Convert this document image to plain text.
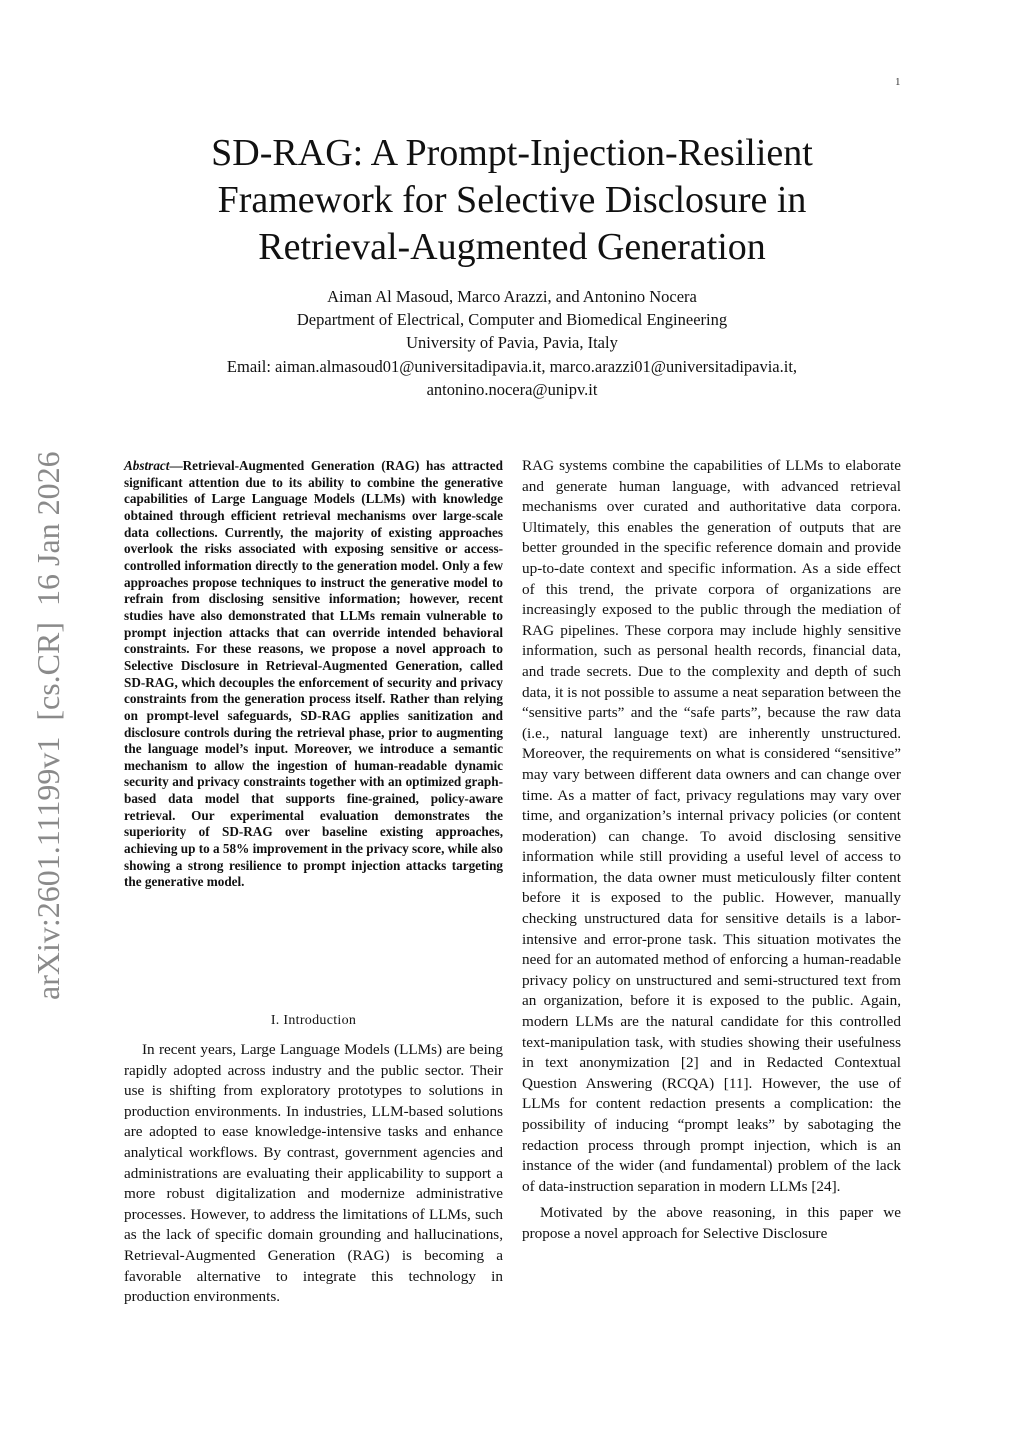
1
arXiv:2601.11199v1  [cs.CR]  16 Jan 2026
SD-RAG: A Prompt-Injection-Resilient
Framework for Selective Disclosure in
Retrieval-Augmented Generation
Aiman Al Masoud, Marco Arazzi, and Antonino Nocera
Department of Electrical, Computer and Biomedical Engineering
University of Pavia, Pavia, Italy
Email: aiman.almasoud01@universitadipavia.it, marco.arazzi01@universitadipavia.it,
antonino.nocera@unipv.it

Abstract—Retrieval-Augmented Generation (RAG) has attracted significant attention due to its ability to combine the generative capabilities of Large Language Models (LLMs) with knowledge obtained through efficient retrieval mechanisms over large-scale data collections. Currently, the majority of existing approaches overlook the risks associated with exposing sensitive or access-controlled information directly to the generation model. Only a few approaches propose techniques to instruct the generative model to refrain from disclosing sensitive information; however, recent studies have also demonstrated that LLMs remain vulnerable to prompt injection attacks that can override intended behavioral constraints. For these reasons, we propose a novel approach to Selective Disclosure in Retrieval-Augmented Generation, called SD-RAG, which decouples the enforcement of security and privacy constraints from the generation process itself. Rather than relying on prompt-level safeguards, SD-RAG applies sanitization and disclosure controls during the retrieval phase, prior to augmenting the language model’s input. Moreover, we introduce a semantic mechanism to allow the ingestion of human-readable dynamic security and privacy constraints together with an optimized graph-based data model that supports fine-grained, policy-aware retrieval. Our experimental evaluation demonstrates the superiority of SD-RAG over baseline existing approaches, achieving up to a 58% improvement in the privacy score, while also showing a strong resilience to prompt injection attacks targeting the generative model.

I. Introduction

In recent years, Large Language Models (LLMs) are being rapidly adopted across industry and the public sector. Their use is shifting from exploratory prototypes to solutions in production environments. In industries, LLM-based solutions are adopted to ease knowledge-intensive tasks and enhance analytical workflows. By contrast, government agencies and administrations are evaluating their applicability to support a more robust digitalization and modernize administrative processes. However, to address the limitations of LLMs, such as the lack of specific domain grounding and hallucinations, Retrieval-Augmented Generation (RAG) is becoming a favorable alternative to integrate this technology in production environments.

RAG systems combine the capabilities of LLMs to elaborate and generate human language, with advanced retrieval mechanisms over curated and authoritative data corpora. Ultimately, this enables the generation of outputs that are better grounded in the specific reference domain and provide up-to-date context and specific information. As a side effect of this trend, the private corpora of organizations are increasingly exposed to the public through the mediation of RAG pipelines. These corpora may include highly sensitive information, such as personal health records, financial data, and trade secrets. Due to the complexity and depth of such data, it is not possible to assume a neat separation between the “sensitive parts” and the “safe parts”, because the raw data (i.e., natural language text) are inherently unstructured. Moreover, the requirements on what is considered “sensitive” may vary between different data owners and can change over time. As a matter of fact, privacy regulations may vary over time, and organization’s internal privacy policies (or content moderation) can change. To avoid disclosing sensitive information while still providing a useful level of access to information, the data owner must meticulously filter content before it is exposed to the public. However, manually checking unstructured data for sensitive details is a labor-intensive and error-prone task. This situation motivates the need for an automated method of enforcing a human-readable privacy policy on unstructured and semi-structured text from an organization, before it is exposed to the public. Again, modern LLMs are the natural candidate for this controlled text-manipulation task, with studies showing their usefulness in text anonymization [2] and in Redacted Contextual Question Answering (RCQA) [11]. However, the use of LLMs for content redaction presents a complication: the possibility of inducing “prompt leaks” by sabotaging the redaction process through prompt injection, which is an instance of the wider (and fundamental) problem of the lack of data-instruction separation in modern LLMs [24].

Motivated by the above reasoning, in this paper we propose a novel approach for Selective Disclosure
